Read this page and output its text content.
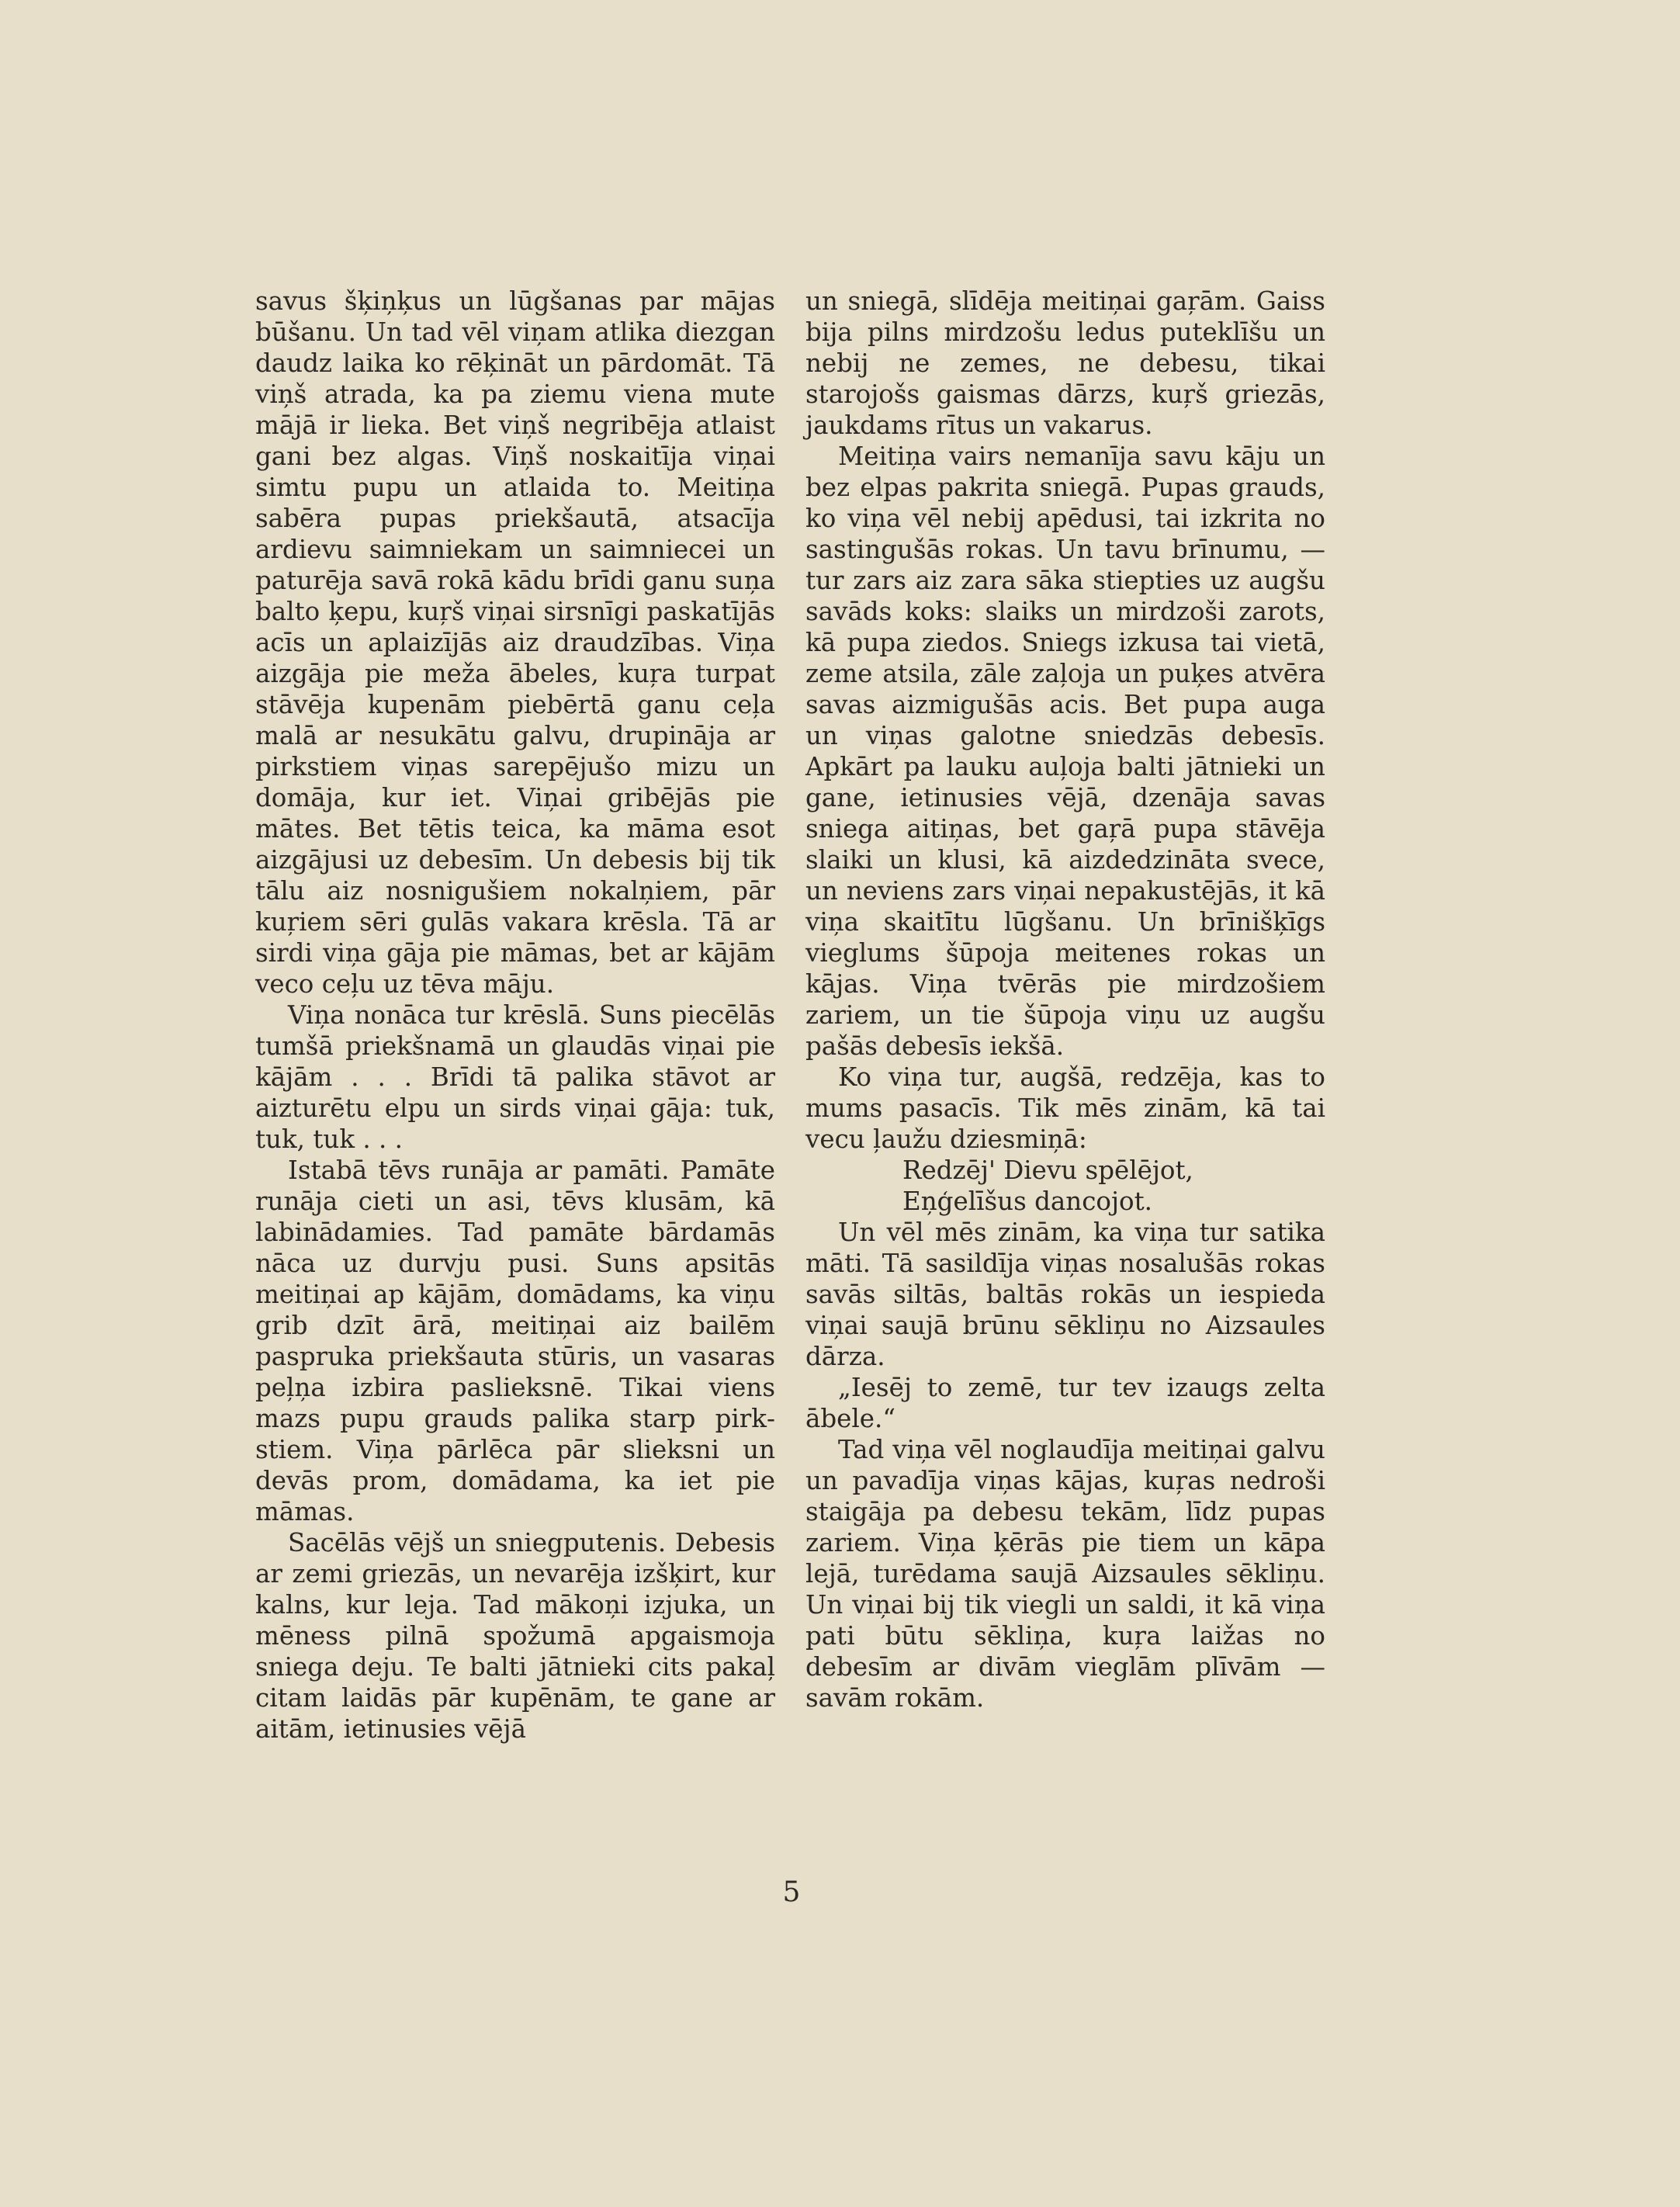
savus šķiņķus un lūgšanas par mājas būšanu. Un tad vēl viņam atlika diezgan daudz laika ko rēķināt un pārdomāt. Tā viņš atrada, ka pa ziemu viena mute mājā ir lieka. Bet viņš negribēja atlaist gani bez algas. Viņš noskaitīja viņai simtu pupu un atlaida to. Meitiņa sabēra pupas priekšautā, atsacīja ardievu saimniekam un saimniecei un paturēja savā rokā kādu brīdi ganu suņa balto ķepu, kuŗš viņai sirsnīgi paskatījās acīs un aplaizījās aiz draudzības. Viņa aizgāja pie meža ābeles, kuŗa turpat stāvēja kupenām piebērtā ganu ceļa malā ar nesukātu galvu, drupināja ar pirkstiem viņas sarepējušo mizu un domāja, kur iet. Viņai gribējās pie mātes. Bet tētis teica, ka māma esot aizgājusi uz debesīm. Un debesis bij tik tālu aiz nosnigušiem nokalņiem, pār kuŗiem sēri gulās vakara krēsla. Tā ar sirdi viņa gāja pie māmas, bet ar kājām veco ceļu uz tēva māju.

Viņa nonāca tur krēslā. Suns piecēlās tumšā priekšnamā un glaudās viņai pie kājām . . . Brīdi tā palika stāvot ar aizturētu elpu un sirds viņai gāja: tuk, tuk, tuk . . .

Istabā tēvs runāja ar pamāti. Pamāte runāja cieti un asi, tēvs klusām, kā labinādamies. Tad pamāte bārdamās nāca uz durvju pusi. Suns apsitās meitiņai ap kājām, domādams, ka viņu grib dzīt ārā, meitiņai aiz bailēm paspruka priekšauta stūris, un vasaras peļņa izbira paslieksnē. Tikai viens mazs pupu grauds palika starp pirkstiem. Viņa pārlēca pār slieksni un devās prom, domādama, ka iet pie māmas.

Sacēlās vējš un sniegputenis. Debesis ar zemi griezās, un nevarēja izšķirt, kur kalns, kur leja. Tad mākoņi izjuka, un mēness pilnā spožumā apgaismoja sniega deju. Te balti jātnieki cits pakaļ citam laidās pār kupēnām, te gane ar aitām, ietinusies vējā

un sniegā, slīdēja meitiņai gaŗām. Gaiss bija pilns mirdzošu ledus puteklīšu un nebij ne zemes, ne debesu, tikai starojošs gaismas dārzs, kuŗš griezās, jaukdams rītus un vakarus.

Meitiņa vairs nemanīja savu kāju un bez elpas pakrita sniegā. Pupas grauds, ko viņa vēl nebij apēdusi, tai izkrita no sastingušās rokas. Un tavu brīnumu, — tur zars aiz zara sāka stiepties uz augšu savāds koks: slaiks un mirdzoši zarots, kā pupa ziedos. Sniegs izkusa tai vietā, zeme atsila, zāle zaļoja un puķes atvēra savas aizmigušās acis. Bet pupa auga un viņas galotne sniedzās debesīs. Apkārt pa lauku auļoja balti jātnieki un gane, ietinusies vējā, dzenāja savas sniega aitiņas, bet gaŗā pupa stāvēja slaiki un klusi, kā aizdedzināta svece, un neviens zars viņai nepakustējās, it kā viņa skaitītu lūgšanu. Un brīnišķīgs vieglums šūpoja meitenes rokas un kājas. Viņa tvērās pie mirdzošiem zariem, un tie šūpoja viņu uz augšu pašās debesīs iekšā.

Ko viņa tur, augšā, redzēja, kas to mums pasacīs. Tik mēs zinām, kā tai vecu ļaužu dziesmiņā:

Redzēj' Dievu spēlējot,
Eņģelīšus dancojot.

Un vēl mēs zinām, ka viņa tur satika māti. Tā sasildīja viņas nosalušās rokas savās siltās, baltās rokās un iespieda viņai saujā brūnu sēkliņu no Aizsaules dārza.

„Iesēj to zemē, tur tev izaugs zelta ābele.“

Tad viņa vēl noglaudīja meitiņai galvu un pavadīja viņas kājas, kuŗas nedroši staigāja pa debesu tekām, līdz pupas zariem. Viņa ķērās pie tiem un kāpa lejā, turēdama saujā Aizsaules sēkliņu. Un viņai bij tik viegli un saldi, it kā viņa pati būtu sēkliņa, kuŗa laižas no debesīm ar divām vieglām plīvām — savām rokām.

5
